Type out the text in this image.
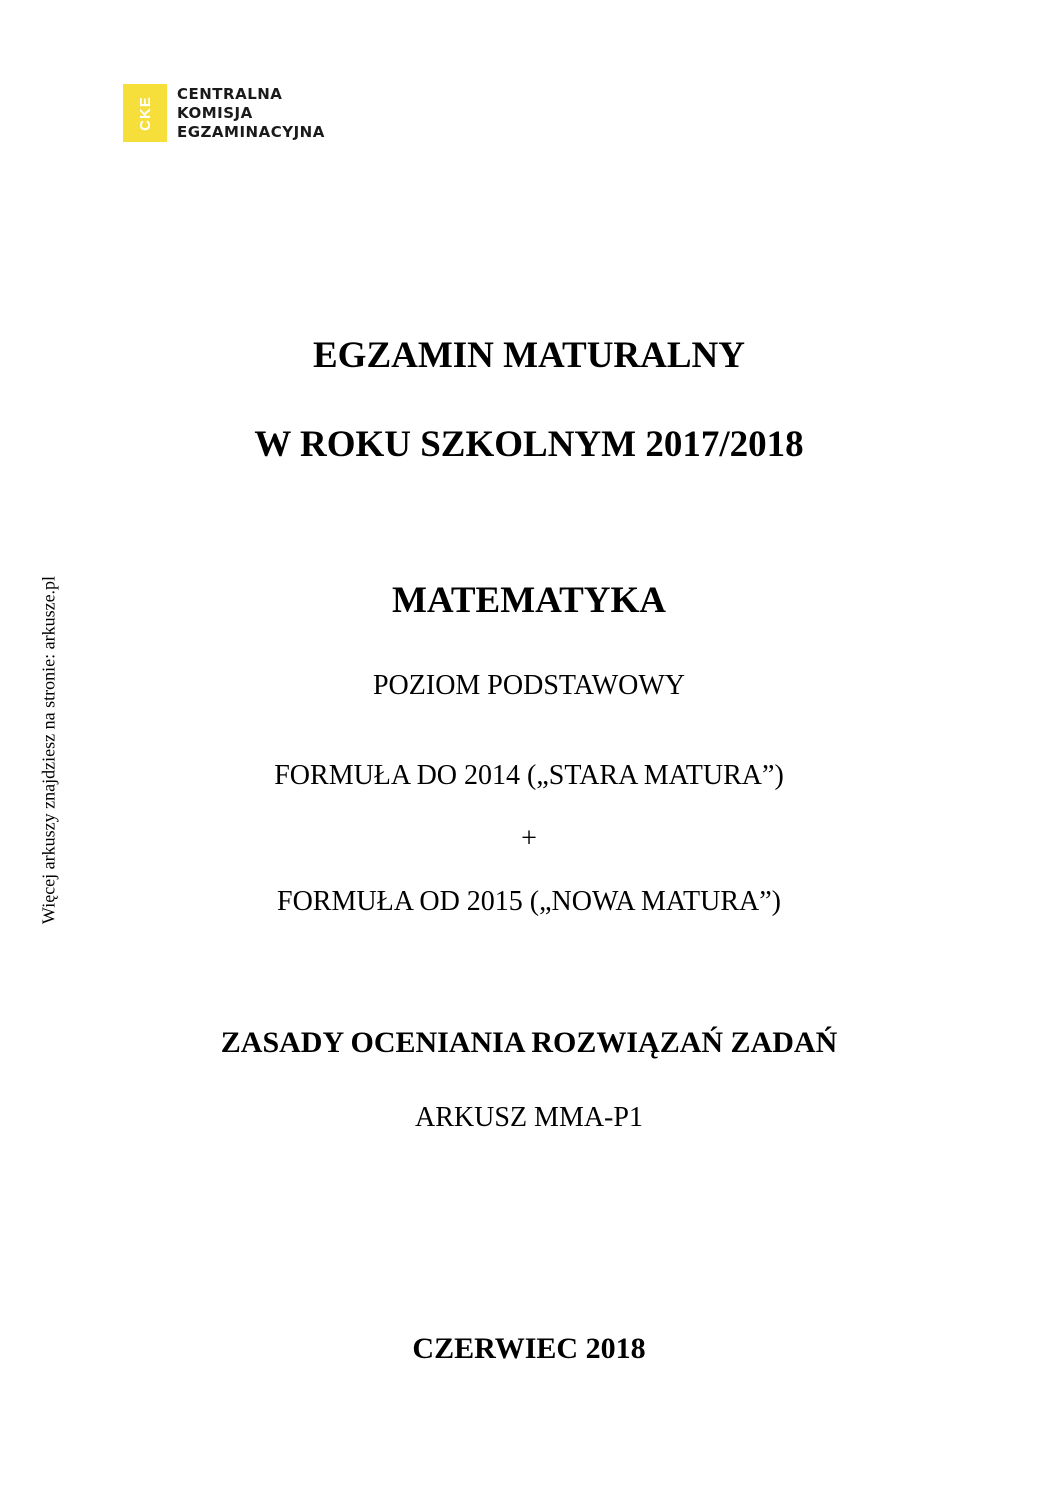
CKE
CENTRALNA
KOMISJA
EGZAMINACYJNA
Więcej arkuszy znajdziesz na stronie: arkusze.pl
EGZAMIN MATURALNY
W ROKU SZKOLNYM 2017/2018
MATEMATYKA
POZIOM PODSTAWOWY
FORMUŁA DO 2014 („STARA MATURA”)
+
FORMUŁA OD 2015 („NOWA MATURA”)
ZASADY OCENIANIA ROZWIĄZAŃ ZADAŃ
ARKUSZ MMA-P1
CZERWIEC 2018
